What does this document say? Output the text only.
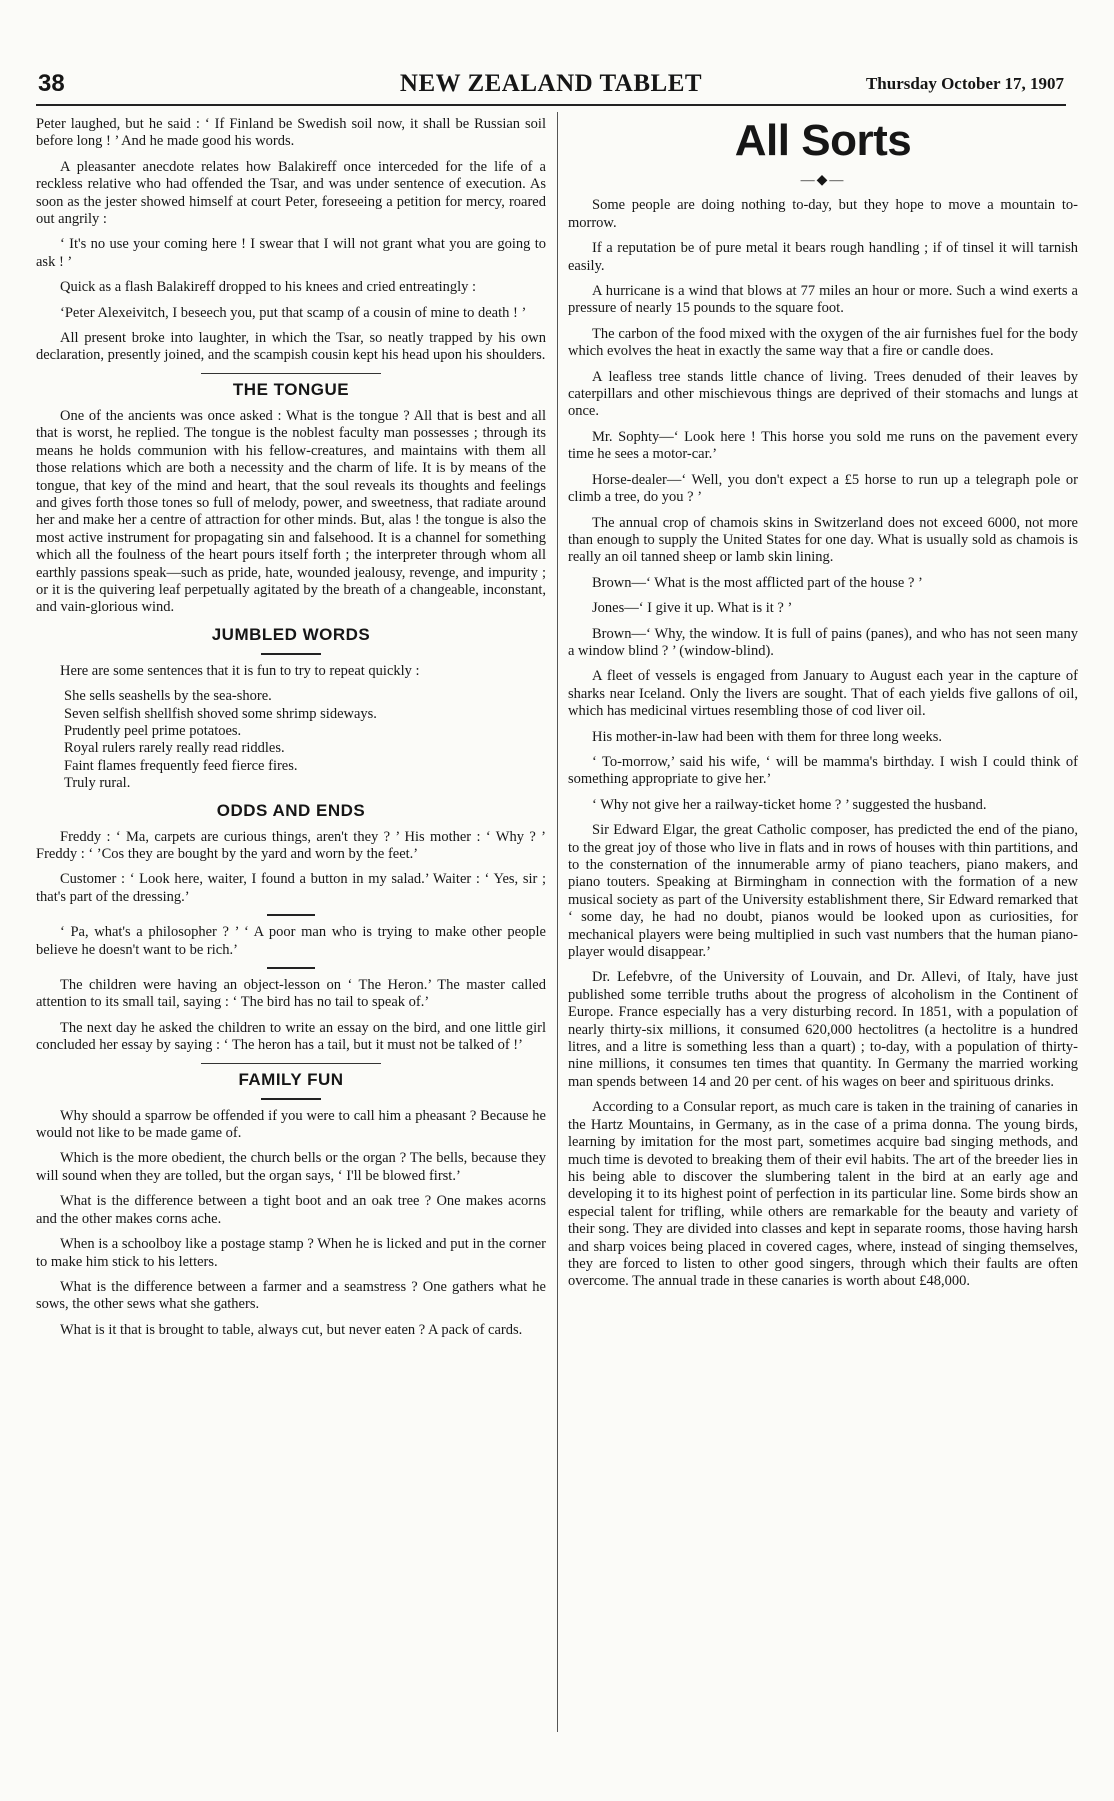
38	NEW ZEALAND TABLET	Thursday October 17, 1907

Peter laughed, but he said : ‘ If Finland be Swedish soil now, it shall be Russian soil before long ! ’ And he made good his words.

A pleasanter anecdote relates how Balakireff once interceded for the life of a reckless relative who had offended the Tsar, and was under sentence of execution. As soon as the jester showed himself at court Peter, foreseeing a petition for mercy, roared out angrily :

‘ It's no use your coming here ! I swear that I will not grant what you are going to ask ! ’

Quick as a flash Balakireff dropped to his knees and cried entreatingly :

‘Peter Alexeivitch, I beseech you, put that scamp of a cousin of mine to death ! ’

All present broke into laughter, in which the Tsar, so neatly trapped by his own declaration, presently joined, and the scampish cousin kept his head upon his shoulders.

THE TONGUE

One of the ancients was once asked : What is the tongue ? All that is best and all that is worst, he replied. The tongue is the noblest faculty man possesses ; through its means he holds communion with his fellow-creatures, and maintains with them all those relations which are both a necessity and the charm of life. It is by means of the tongue, that key of the mind and heart, that the soul reveals its thoughts and feelings and gives forth those tones so full of melody, power, and sweetness, that radiate around her and make her a centre of attraction for other minds. But, alas ! the tongue is also the most active instrument for propagating sin and falsehood. It is a channel for something which all the foulness of the heart pours itself forth ; the interpreter through whom all earthly passions speak—such as pride, hate, wounded jealousy, revenge, and impurity ; or it is the quivering leaf perpetually agitated by the breath of a changeable, inconstant, and vain-glorious wind.

JUMBLED WORDS

Here are some sentences that it is fun to try to repeat quickly :

She sells seashells by the sea-shore.
Seven selfish shellfish shoved some shrimp sideways.
Prudently peel prime potatoes.
Royal rulers rarely really read riddles.
Faint flames frequently feed fierce fires.
Truly rural.
ODDS AND ENDS

Freddy : ‘ Ma, carpets are curious things, aren't they ? ’ His mother : ‘ Why ? ’ Freddy : ‘ ’Cos they are bought by the yard and worn by the feet.’

Customer : ‘ Look here, waiter, I found a button in my salad.’ Waiter : ‘ Yes, sir ; that's part of the dressing.’

‘ Pa, what's a philosopher ? ’ ‘ A poor man who is trying to make other people believe he doesn't want to be rich.’

The children were having an object-lesson on ‘ The Heron.’ The master called attention to its small tail, saying : ‘ The bird has no tail to speak of.’

The next day he asked the children to write an essay on the bird, and one little girl concluded her essay by saying : ‘ The heron has a tail, but it must not be talked of !’

FAMILY FUN

Why should a sparrow be offended if you were to call him a pheasant ? Because he would not like to be made game of.

Which is the more obedient, the church bells or the organ ? The bells, because they will sound when they are tolled, but the organ says, ‘ I'll be blowed first.’

What is the difference between a tight boot and an oak tree ? One makes acorns and the other makes corns ache.

When is a schoolboy like a postage stamp ? When he is licked and put in the corner to make him stick to his letters.

What is the difference between a farmer and a seamstress ? One gathers what he sows, the other sews what she gathers.

What is it that is brought to table, always cut, but never eaten ? A pack of cards.

All Sorts
—◆—

Some people are doing nothing to-day, but they hope to move a mountain to-morrow.

If a reputation be of pure metal it bears rough handling ; if of tinsel it will tarnish easily.

A hurricane is a wind that blows at 77 miles an hour or more. Such a wind exerts a pressure of nearly 15 pounds to the square foot.

The carbon of the food mixed with the oxygen of the air furnishes fuel for the body which evolves the heat in exactly the same way that a fire or candle does.

A leafless tree stands little chance of living. Trees denuded of their leaves by caterpillars and other mischievous things are deprived of their stomachs and lungs at once.

Mr. Sophty—‘ Look here ! This horse you sold me runs on the pavement every time he sees a motor-car.’

Horse-dealer—‘ Well, you don't expect a £5 horse to run up a telegraph pole or climb a tree, do you ? ’

The annual crop of chamois skins in Switzerland does not exceed 6000, not more than enough to supply the United States for one day. What is usually sold as chamois is really an oil tanned sheep or lamb skin lining.

Brown—‘ What is the most afflicted part of the house ? ’

Jones—‘ I give it up. What is it ? ’

Brown—‘ Why, the window. It is full of pains (panes), and who has not seen many a window blind ? ’ (window-blind).

A fleet of vessels is engaged from January to August each year in the capture of sharks near Iceland. Only the livers are sought. That of each yields five gallons of oil, which has medicinal virtues resembling those of cod liver oil.

His mother-in-law had been with them for three long weeks.

‘ To-morrow,’ said his wife, ‘ will be mamma's birthday. I wish I could think of something appropriate to give her.’

‘ Why not give her a railway-ticket home ? ’ suggested the husband.

Sir Edward Elgar, the great Catholic composer, has predicted the end of the piano, to the great joy of those who live in flats and in rows of houses with thin partitions, and to the consternation of the innumerable army of piano teachers, piano makers, and piano touters. Speaking at Birmingham in connection with the formation of a new musical society as part of the University establishment there, Sir Edward remarked that ‘ some day, he had no doubt, pianos would be looked upon as curiosities, for mechanical players were being multiplied in such vast numbers that the human piano-player would disappear.’

Dr. Lefebvre, of the University of Louvain, and Dr. Allevi, of Italy, have just published some terrible truths about the progress of alcoholism in the Continent of Europe. France especially has a very disturbing record. In 1851, with a population of nearly thirty-six millions, it consumed 620,000 hectolitres (a hectolitre is a hundred litres, and a litre is something less than a quart) ; to-day, with a population of thirty-nine millions, it consumes ten times that quantity. In Germany the married working man spends between 14 and 20 per cent. of his wages on beer and spirituous drinks.

According to a Consular report, as much care is taken in the training of canaries in the Hartz Mountains, in Germany, as in the case of a prima donna. The young birds, learning by imitation for the most part, sometimes acquire bad singing methods, and much time is devoted to breaking them of their evil habits. The art of the breeder lies in his being able to discover the slumbering talent in the bird at an early age and developing it to its highest point of perfection in its particular line. Some birds show an especial talent for trifling, while others are remarkable for the beauty and variety of their song. They are divided into classes and kept in separate rooms, those having harsh and sharp voices being placed in covered cages, where, instead of singing themselves, they are forced to listen to other good singers, through which their faults are often overcome. The annual trade in these canaries is worth about £48,000.
